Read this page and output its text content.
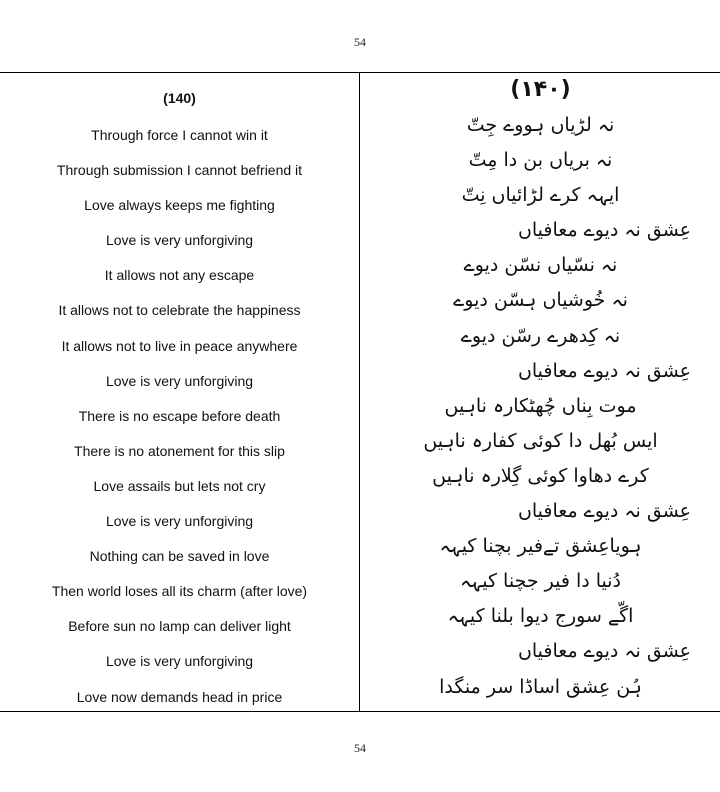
54
(140)
Through force I cannot win it
Through submission I cannot befriend it
Love always keeps me fighting
Love is very unforgiving
It allows not any escape
It allows not to celebrate the happiness
It allows not to live in peace anywhere
Love is very unforgiving
There is no escape before death
There is no atonement for this slip
Love assails but lets not cry
Love is very unforgiving
Nothing can be saved in love
Then world loses all its charm (after love)
Before sun no lamp can deliver light
Love is very unforgiving
Love now demands head in price
(۱۴۰)
نہ لڑیاں ہووے جِتّ
نہ بریاں بن دا مِتّ
ایہہ کرے لڑائیاں نِتّ
عِشق نہ دیوے معافیاں
نہ نسّیاں نسّن دیوے
نہ خُوشیاں ہسّن دیوے
نہ کِدھرے رسّن دیوے
عِشق نہ دیوے معافیاں
موت بِناں چُھٹکارہ ناہیں
ایس بُھل دا کوئی کفارہ ناہیں
کرے دھاوا کوئی گِلارہ ناہیں
عِشق نہ دیوے معافیاں
ہویاعِشق تےفیر بچنا کیہہ
دُنیا دا فیر جچنا کیہہ
اگّے سورج دیوا بلنا کیہہ
عِشق نہ دیوے معافیاں
ہُن عِشق اساڈا سر منگدا
54
